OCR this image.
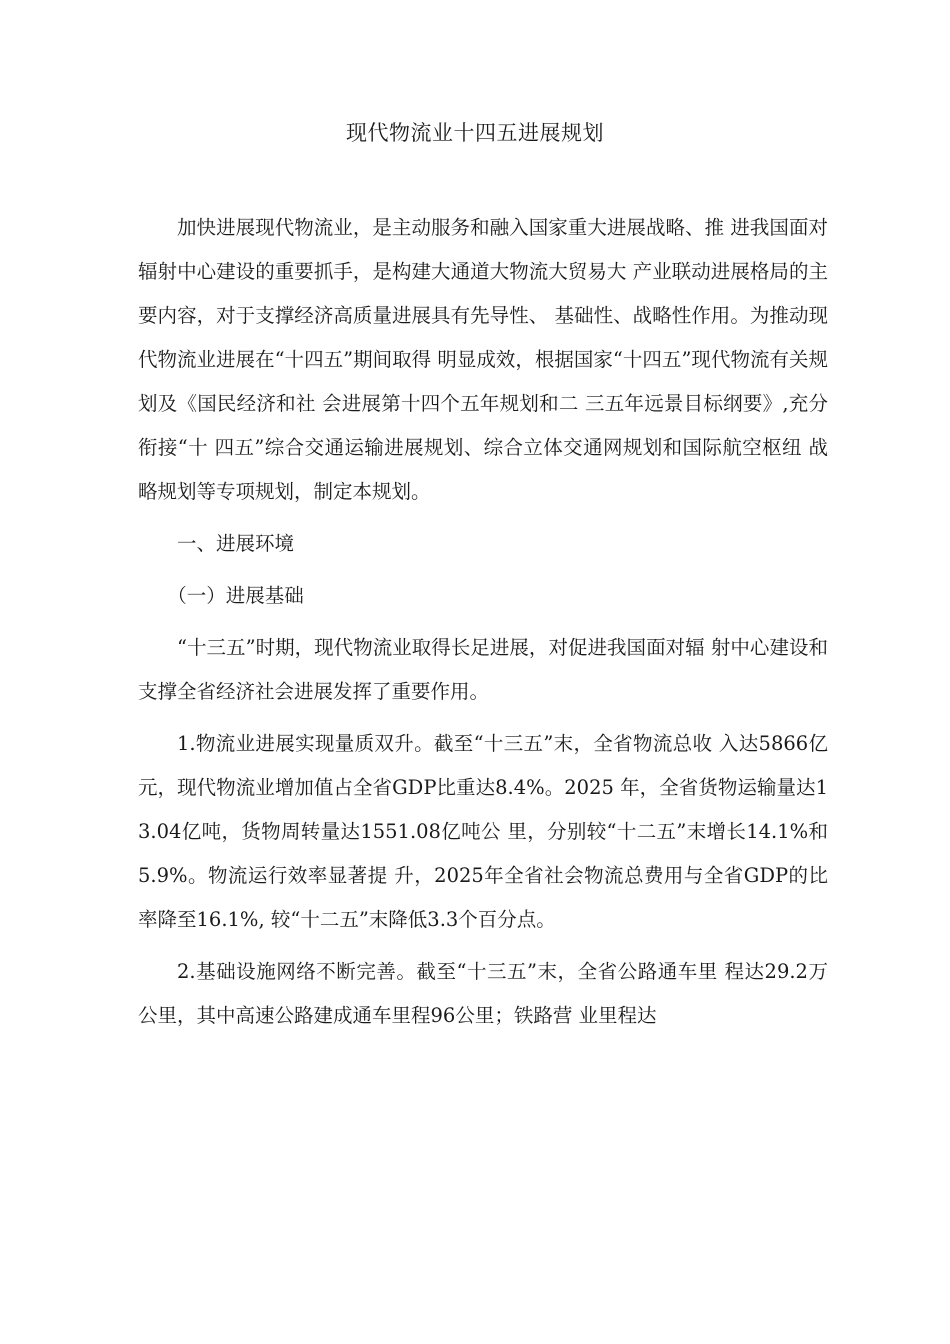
现代物流业十四五进展规划

加快进展现代物流业，是主动服务和融入国家重大进展战略、推 进我国面对辐射中心建设的重要抓手，是构建大通道大物流大贸易大 产业联动进展格局的主要内容，对于支撑经济高质量进展具有先导性、 基础性、战略性作用。为推动现代物流业进展在“十四五”期间取得 明显成效，根据国家“十四五”现代物流有关规划及《国民经济和社 会进展第十四个五年规划和二 三五年远景目标纲要》,充分衔接“十 四五”综合交通运输进展规划、综合立体交通网规划和国际航空枢纽 战略规划等专项规划，制定本规划。

一、进展环境

（一）进展基础

“十三五”时期，现代物流业取得长足进展，对促进我国面对辐 射中心建设和支撑全省经济社会进展发挥了重要作用。

1.物流业进展实现量质双升。截至“十三五”末，全省物流总收 入达5866亿元，现代物流业增加值占全省GDP比重达8.4%。2025 年，全省货物运输量达13.04亿吨，货物周转量达1551.08亿吨公 里，分别较“十二五”末增长14.1%和5.9%。物流运行效率显著提 升，2025年全省社会物流总费用与全省GDP的比率降至16.1%, 较“十二五”末降低3.3个百分点。

2.基础设施网络不断完善。截至“十三五”末，全省公路通车里 程达29.2万公里，其中高速公路建成通车里程96公里；铁路营 业里程达
